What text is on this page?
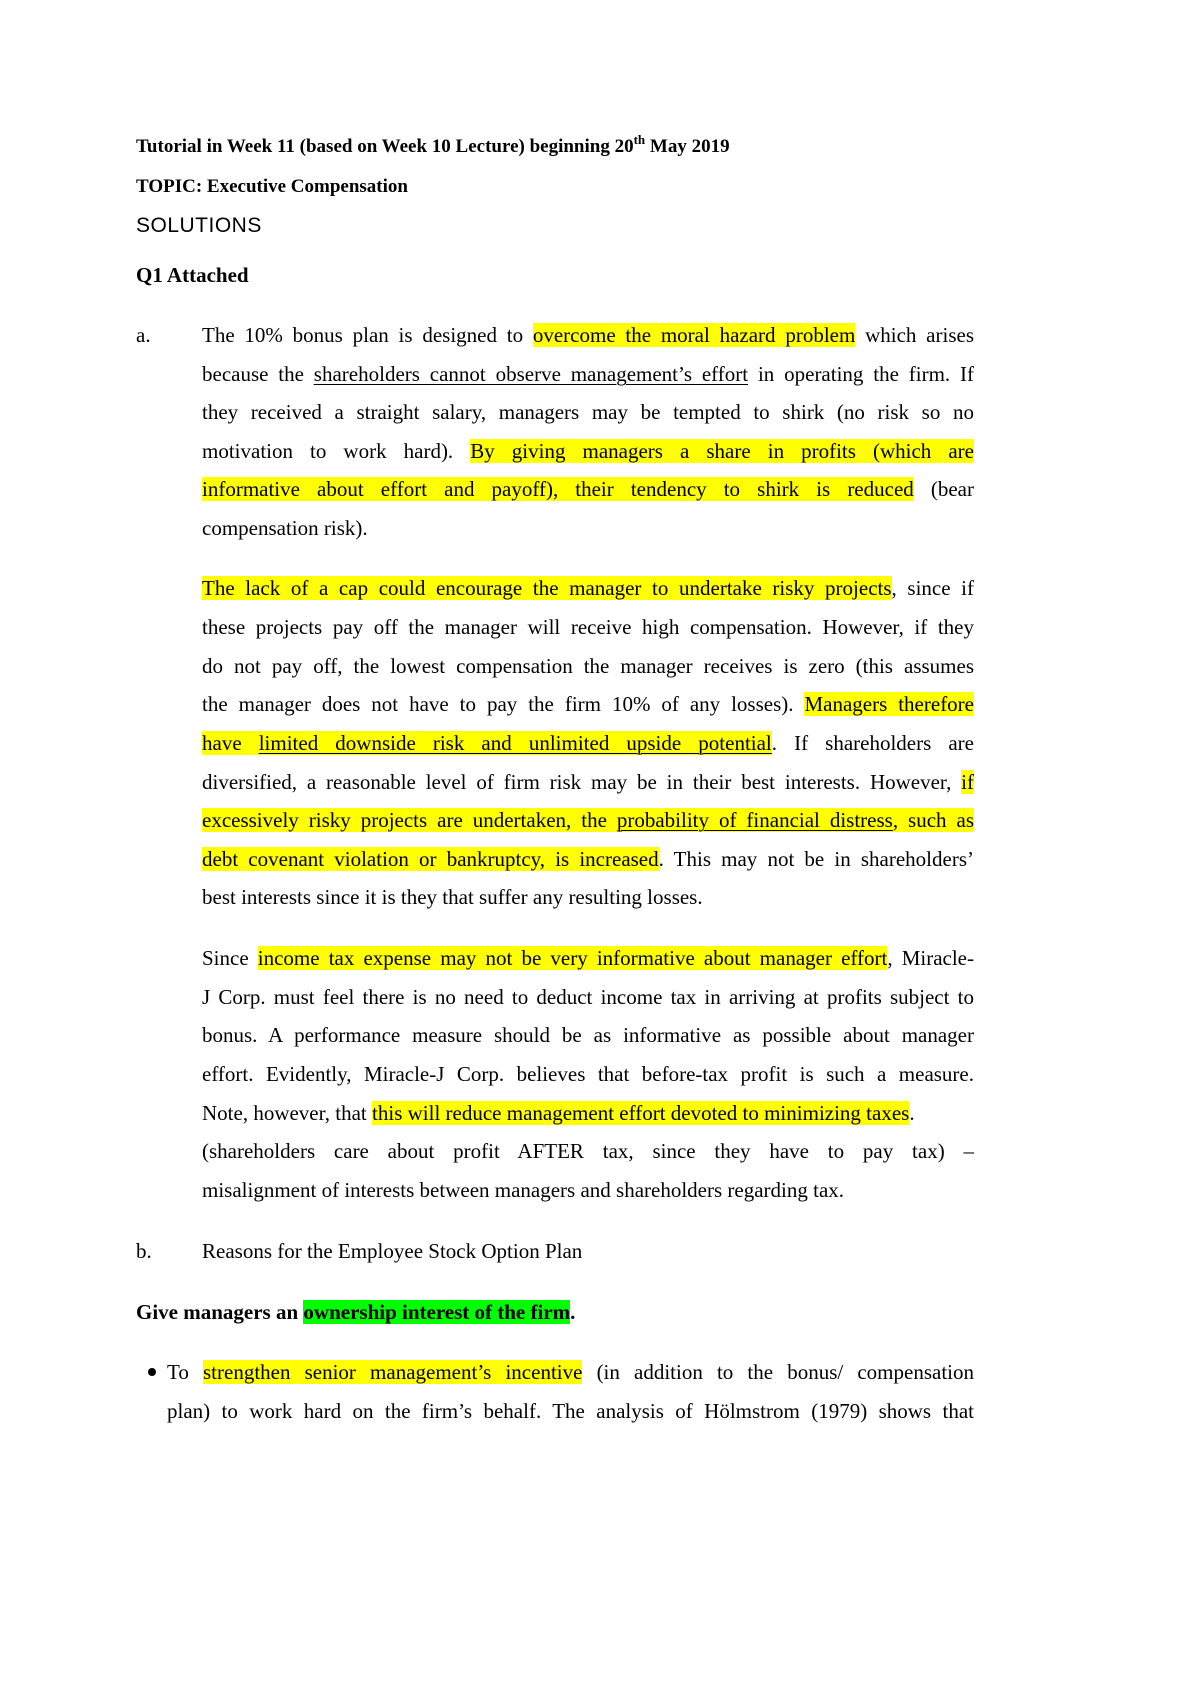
Tutorial in Week 11 (based on Week 10 Lecture) beginning 20th May 2019
TOPIC: Executive Compensation
SOLUTIONS
Q1 Attached
a. The 10% bonus plan is designed to overcome the moral hazard problem which arises
because the shareholders cannot observe management’s effort in operating the firm. If
they received a straight salary, managers may be tempted to shirk (no risk so no
motivation to work hard). By giving managers a share in profits (which are
informative about effort and payoff), their tendency to shirk is reduced (bear
compensation risk).
The lack of a cap could encourage the manager to undertake risky projects, since if
these projects pay off the manager will receive high compensation. However, if they
do not pay off, the lowest compensation the manager receives is zero (this assumes
the manager does not have to pay the firm 10% of any losses). Managers therefore
have limited downside risk and unlimited upside potential. If shareholders are
diversified, a reasonable level of firm risk may be in their best interests. However, if
excessively risky projects are undertaken, the probability of financial distress, such as
debt covenant violation or bankruptcy, is increased. This may not be in shareholders’
best interests since it is they that suffer any resulting losses.
Since income tax expense may not be very informative about manager effort, Miracle-
J Corp. must feel there is no need to deduct income tax in arriving at profits subject to
bonus. A performance measure should be as informative as possible about manager
effort. Evidently, Miracle-J Corp. believes that before-tax profit is such a measure.
Note, however, that this will reduce management effort devoted to minimizing taxes.
(shareholders care about profit AFTER tax, since they have to pay tax) –
misalignment of interests between managers and shareholders regarding tax.
b. Reasons for the Employee Stock Option Plan
Give managers an ownership interest of the firm.
To strengthen senior management’s incentive (in addition to the bonus/ compensation
plan) to work hard on the firm’s behalf. The analysis of Hölmstrom (1979) shows that
